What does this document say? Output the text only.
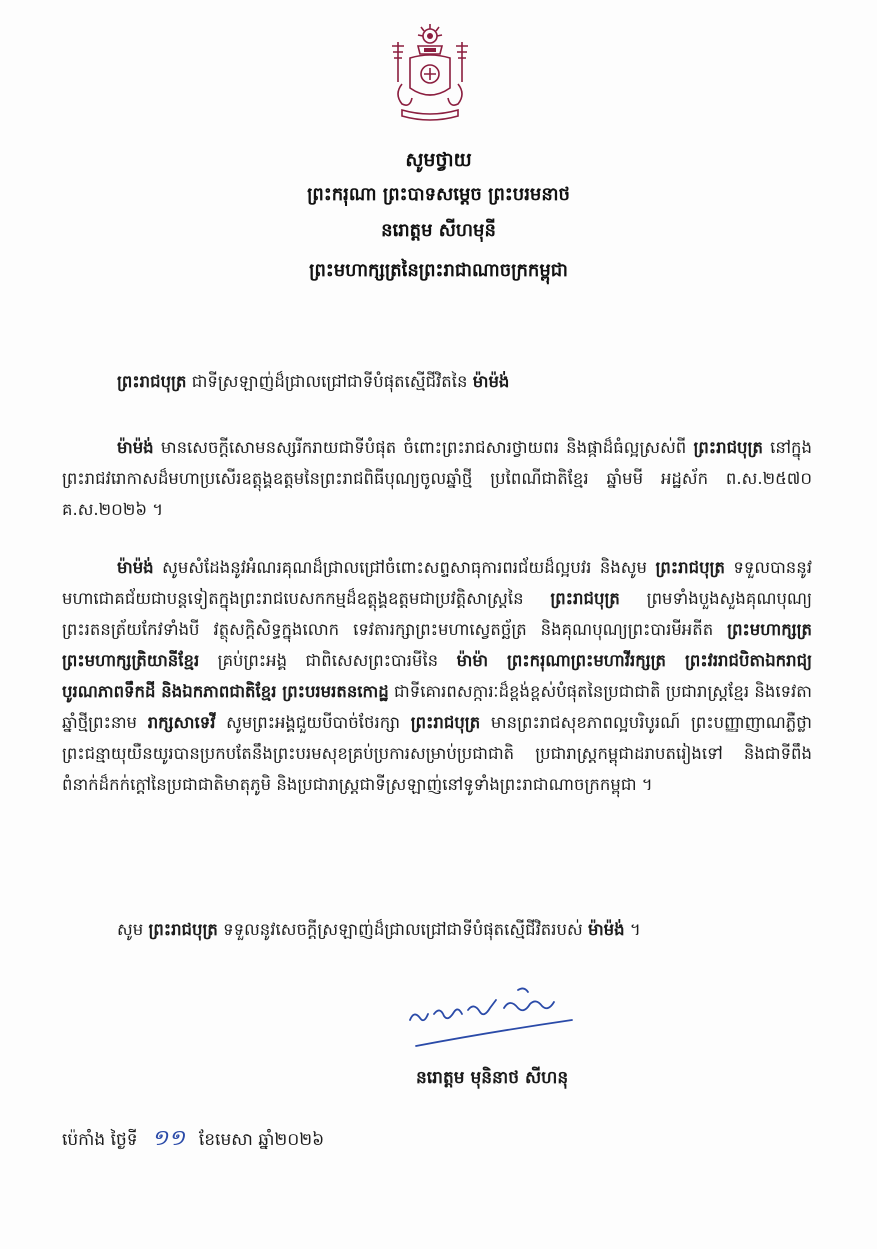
សូមថ្វាយ
ព្រះករុណា ព្រះបាទសម្តេច ព្រះបរមនាថ
នរោត្តម សីហមុនី
ព្រះមហាក្សត្រនៃព្រះរាជាណាចក្រកម្ពុជា
ព្រះរាជបុត្រ ជាទីស្រឡាញ់ដ៏ជ្រាលជ្រៅជាទីបំផុតស្មើជីវិតនៃ ម៉ាម៉ង់
ម៉ាម៉ង់ មានសេចក្តីសោមនស្សរីករាយជាទីបំផុត ចំពោះព្រះរាជសារថ្វាយពរ និងផ្កាដ៏ធំល្អស្រស់ពី ព្រះរាជបុត្រ នៅក្នុងព្រះរាជវរោកាសដ៏មហាប្រសើរឧត្តុង្គឧត្តមនៃព្រះរាជពិធីបុណ្យចូលឆ្នាំថ្មី ប្រពៃណីជាតិខ្មែរ ឆ្នាំមមី អដ្ឋស័ក ព.ស.២៥៧០ គ.ស.២០២៦ ។
ម៉ាម៉ង់ សូមសំដែងនូវអំណរគុណដ៏ជ្រាលជ្រៅចំពោះសព្ទសាធុការពរជ័យដ៏ល្អបវរ និងសូម ព្រះរាជបុត្រ ទទួលបាននូវមហាជោគជ័យជាបន្តទៀតក្នុងព្រះរាជបេសកកម្មដ៏ឧត្តុង្គឧត្តមជាប្រវត្តិសាស្ត្រនៃ ព្រះរាជបុត្រ ព្រមទាំងបួងសួងគុណបុណ្យព្រះរតនត្រ័យកែវទាំងបី វត្ថុសក្តិសិទ្ធក្នុងលោក ទេវតារក្សាព្រះមហាស្វេតច្ឆ័ត្រ និងគុណបុណ្យព្រះបារមីអតីត ព្រះមហាក្សត្រ ព្រះមហាក្សត្រិយានីខ្មែរ គ្រប់ព្រះអង្គ ជាពិសេសព្រះបារមីនៃ ម៉ាម៉ា ព្រះករុណាព្រះមហាវីរក្សត្រ ព្រះវររាជបិតាឯករាជ្យ បូរណភាពទឹកដី និងឯកភាពជាតិខ្មែរ ព្រះបរមរតនកោដ្ឋ ជាទីគោរពសក្ការៈដ៏ខ្ពង់ខ្ពស់បំផុតនៃប្រជាជាតិ ប្រជារាស្ត្រខ្មែរ និងទេវតាឆ្នាំថ្មីព្រះនាម រាក្សសាទេវី សូមព្រះអង្គជួយបីបាច់ថែរក្សា ព្រះរាជបុត្រ មានព្រះរាជសុខភាពល្អបរិបូរណ៍ ព្រះបញ្ញាញាណភ្លឺថ្លា ព្រះជន្មាយុយឺនយូរបានប្រកបតែនឹងព្រះបរមសុខគ្រប់ប្រការសម្រាប់ប្រជាជាតិ ប្រជារាស្ត្រកម្ពុជាដរាបតរៀងទៅ និងជាទីពឹងពំនាក់ដ៏កក់ក្តៅនៃប្រជាជាតិមាតុភូមិ និងប្រជារាស្ត្រជាទីស្រឡាញ់នៅទូទាំងព្រះរាជាណាចក្រកម្ពុជា ។
សូម ព្រះរាជបុត្រ ទទួលនូវសេចក្តីស្រឡាញ់ដ៏ជ្រាលជ្រៅជាទីបំផុតស្មើជីវិតរបស់ ម៉ាម៉ង់ ។
នរោត្តម មុនិនាថ សីហនុ
ប៉េកាំង ថ្ងៃទី ១១ ខែមេសា ឆ្នាំ២០២៦
